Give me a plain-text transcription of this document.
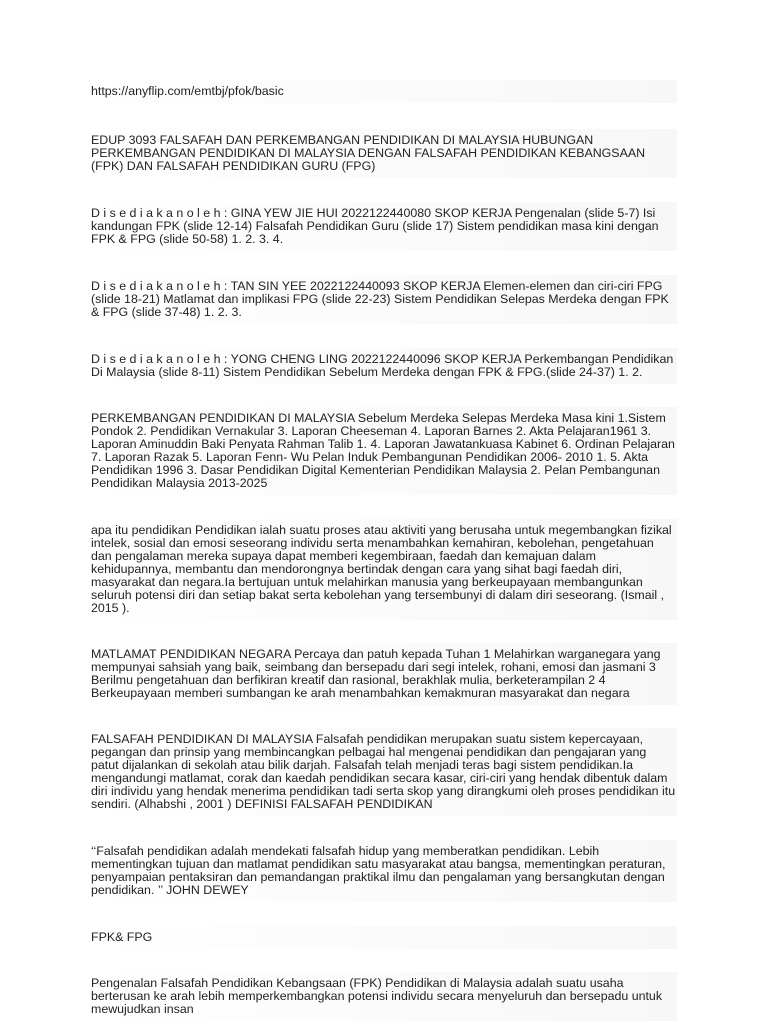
https://anyflip.com/emtbj/pfok/basic
EDUP 3093 FALSAFAH DAN PERKEMBANGAN PENDIDIKAN DI MALAYSIA HUBUNGAN PERKEMBANGAN PENDIDIKAN DI MALAYSIA DENGAN FALSAFAH PENDIDIKAN KEBANGSAAN (FPK) DAN FALSAFAH PENDIDIKAN GURU (FPG)
D i s e d i a k a n o l e h : GINA YEW JIE HUI 2022122440080 SKOP KERJA Pengenalan (slide 5-7) Isi kandungan FPK (slide 12-14) Falsafah Pendidikan Guru (slide 17) Sistem pendidikan masa kini dengan FPK & FPG (slide 50-58) 1. 2. 3. 4.
D i s e d i a k a n o l e h : TAN SIN YEE 2022122440093 SKOP KERJA Elemen-elemen dan ciri-ciri FPG (slide 18-21) Matlamat dan implikasi FPG (slide 22-23) Sistem Pendidikan Selepas Merdeka dengan FPK & FPG (slide 37-48) 1. 2. 3.
D i s e d i a k a n o l e h : YONG CHENG LING 2022122440096 SKOP KERJA Perkembangan Pendidikan Di Malaysia (slide 8-11) Sistem Pendidikan Sebelum Merdeka dengan FPK & FPG.(slide 24-37) 1. 2.
PERKEMBANGAN PENDIDIKAN DI MALAYSIA Sebelum Merdeka Selepas Merdeka Masa kini 1.Sistem Pondok 2. Pendidikan Vernakular 3. Laporan Cheeseman 4. Laporan Barnes 2. Akta Pelajaran1961 3. Laporan Aminuddin Baki Penyata Rahman Talib 1. 4. Laporan Jawatankuasa Kabinet 6. Ordinan Pelajaran 7. Laporan Razak 5. Laporan Fenn- Wu Pelan Induk Pembangunan Pendidikan 2006- 2010 1. 5. Akta Pendidikan 1996 3. Dasar Pendidikan Digital Kementerian Pendidikan Malaysia 2. Pelan Pembangunan Pendidikan Malaysia 2013-2025
apa itu pendidikan Pendidikan ialah suatu proses atau aktiviti yang berusaha untuk megembangkan fizikal intelek, sosial dan emosi seseorang individu serta menambahkan kemahiran, kebolehan, pengetahuan dan pengalaman mereka supaya dapat memberi kegembiraan, faedah dan kemajuan dalam kehidupannya, membantu dan mendorongnya bertindak dengan cara yang sihat bagi faedah diri, masyarakat dan negara.Ia bertujuan untuk melahirkan manusia yang berkeupayaan membangunkan seluruh potensi diri dan setiap bakat serta kebolehan yang tersembunyi di dalam diri seseorang. (Ismail , 2015 ).
MATLAMAT PENDIDIKAN NEGARA Percaya dan patuh kepada Tuhan 1 Melahirkan warganegara yang mempunyai sahsiah yang baik, seimbang dan bersepadu dari segi intelek, rohani, emosi dan jasmani 3 Berilmu pengetahuan dan berfikiran kreatif dan rasional, berakhlak mulia, berketerampilan 2 4 Berkeupayaan memberi sumbangan ke arah menambahkan kemakmuran masyarakat dan negara
FALSAFAH PENDIDIKAN DI MALAYSIA Falsafah pendidikan merupakan suatu sistem kepercayaan, pegangan dan prinsip yang membincangkan pelbagai hal mengenai pendidikan dan pengajaran yang patut dijalankan di sekolah atau bilik darjah. Falsafah telah menjadi teras bagi sistem pendidikan.Ia mengandungi matlamat, corak dan kaedah pendidikan secara kasar, ciri-ciri yang hendak dibentuk dalam diri individu yang hendak menerima pendidikan tadi serta skop yang dirangkumi oleh proses pendidikan itu sendiri. (Alhabshi , 2001 ) DEFINISI FALSAFAH PENDIDIKAN
‘‘Falsafah pendidikan adalah mendekati falsafah hidup yang memberatkan pendidikan. Lebih mementingkan tujuan dan matlamat pendidikan satu masyarakat atau bangsa, mementingkan peraturan, penyampaian pentaksiran dan pemandangan praktikal ilmu dan pengalaman yang bersangkutan dengan pendidikan. ’’ JOHN DEWEY
FPK& FPG
Pengenalan Falsafah Pendidikan Kebangsaan (FPK) Pendidikan di Malaysia adalah suatu usaha berterusan ke arah lebih memperkembangkan potensi individu secara menyeluruh dan bersepadu untuk mewujudkan insan
